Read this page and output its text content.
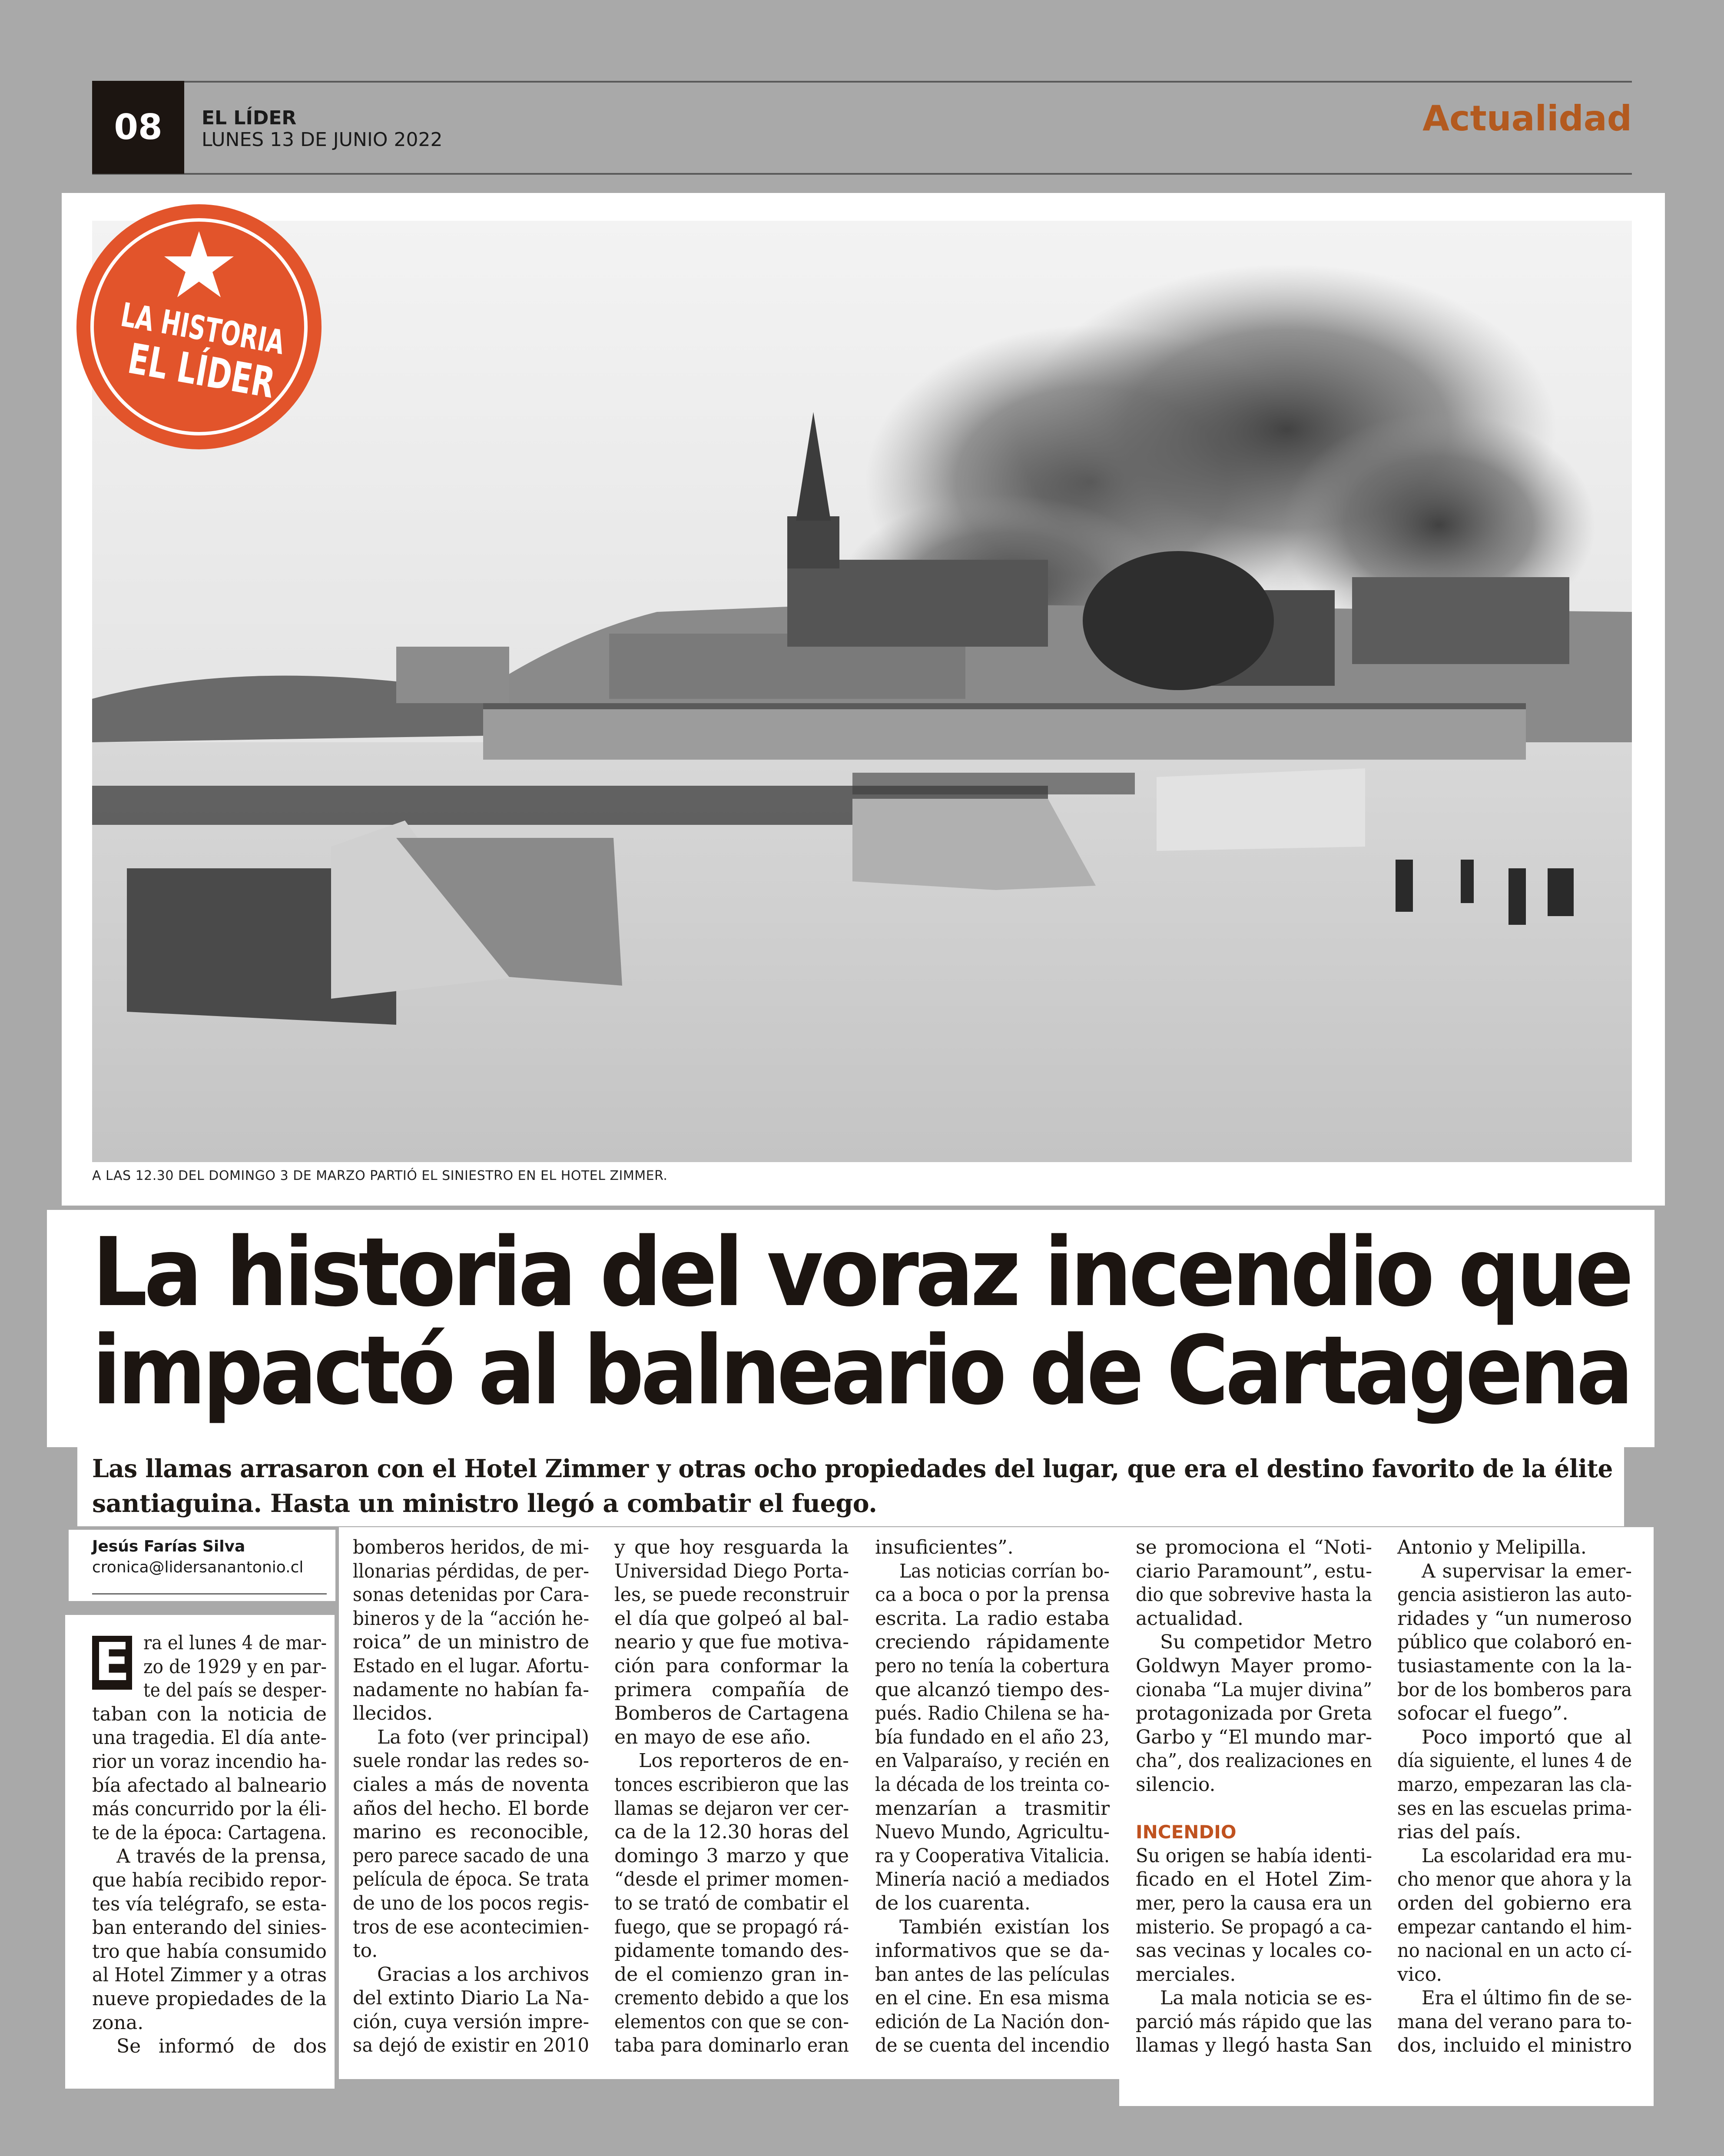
08	EL LÍDER
LUNES 13 DE JUNIO 2022
Actualidad
A LAS 12.30 DEL DOMINGO 3 DE MARZO PARTIÓ EL SINIESTRO EN EL HOTEL ZIMMER.
LA HISTORIA
EL LÍDER
La historia del voraz incendio que
impactó al balneario de Cartagena
Las llamas arrasaron con el Hotel Zimmer y otras ocho propiedades del lugar, que era el destino favorito de la élite
santiaguina. Hasta un ministro llegó a combatir el fuego.
Jesús Farías Silva
cronica@lidersanantonio.cl
E ra el lunes 4 de mar-
zo de 1929 y en par-
te del país se desper-
taban con la noticia de
una tragedia. El día ante-
rior un voraz incendio ha-
bía afectado al balneario
más concurrido por la éli-
te de la época: Cartagena.
A través de la prensa,
que había recibido repor-
tes vía telégrafo, se esta-
ban enterando del sinies-
tro que había consumido
al Hotel Zimmer y a otras
nueve propiedades de la
zona.
Se informó de dos
bomberos heridos, de mi-
llonarias pérdidas, de per-
sonas detenidas por Cara-
bineros y de la “acción he-
roica” de un ministro de
Estado en el lugar. Afortu-
nadamente no habían fa-
llecidos.
La foto (ver principal)
suele rondar las redes so-
ciales a más de noventa
años del hecho. El borde
marino es reconocible,
pero parece sacado de una
película de época. Se trata
de uno de los pocos regis-
tros de ese acontecimien-
to.
Gracias a los archivos
del extinto Diario La Na-
ción, cuya versión impre-
sa dejó de existir en 2010
y que hoy resguarda la
Universidad Diego Porta-
les, se puede reconstruir
el día que golpeó al bal-
neario y que fue motiva-
ción para conformar la
primera compañía de
Bomberos de Cartagena
en mayo de ese año.
Los reporteros de en-
tonces escribieron que las
llamas se dejaron ver cer-
ca de la 12.30 horas del
domingo 3 marzo y que
“desde el primer momen-
to se trató de combatir el
fuego, que se propagó rá-
pidamente tomando des-
de el comienzo gran in-
cremento debido a que los
elementos con que se con-
taba para dominarlo eran
insuficientes”.
Las noticias corrían bo-
ca a boca o por la prensa
escrita. La radio estaba
creciendo rápidamente
pero no tenía la cobertura
que alcanzó tiempo des-
pués. Radio Chilena se ha-
bía fundado en el año 23,
en Valparaíso, y recién en
la década de los treinta co-
menzarían a trasmitir
Nuevo Mundo, Agricultu-
ra y Cooperativa Vitalicia.
Minería nació a mediados
de los cuarenta.
También existían los
informativos que se da-
ban antes de las películas
en el cine. En esa misma
edición de La Nación don-
de se cuenta del incendio
se promociona el “Noti-
ciario Paramount”, estu-
dio que sobrevive hasta la
actualidad.
Su competidor Metro
Goldwyn Mayer promo-
cionaba “La mujer divina”
protagonizada por Greta
Garbo y “El mundo mar-
cha”, dos realizaciones en
silencio.
INCENDIO
Su origen se había identi-
ficado en el Hotel Zim-
mer, pero la causa era un
misterio. Se propagó a ca-
sas vecinas y locales co-
merciales.
La mala noticia se es-
parció más rápido que las
llamas y llegó hasta San
Antonio y Melipilla.
A supervisar la emer-
gencia asistieron las auto-
ridades y “un numeroso
público que colaboró en-
tusiastamente con la la-
bor de los bomberos para
sofocar el fuego”.
Poco importó que al
día siguiente, el lunes 4 de
marzo, empezaran las cla-
ses en las escuelas prima-
rias del país.
La escolaridad era mu-
cho menor que ahora y la
orden del gobierno era
empezar cantando el him-
no nacional en un acto cí-
vico.
Era el último fin de se-
mana del verano para to-
dos, incluido el ministro
